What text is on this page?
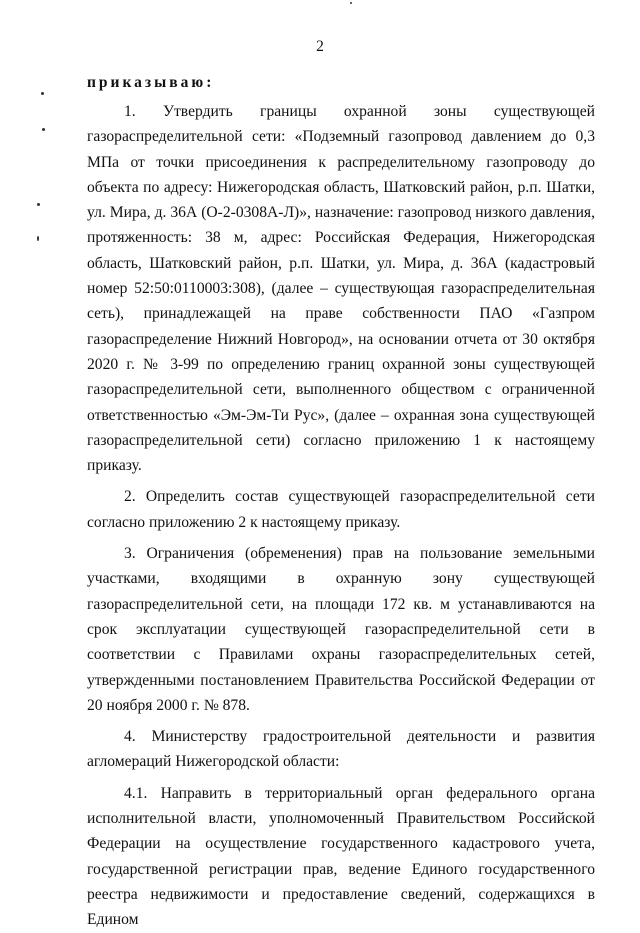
2
приказываю:

1. Утвердить границы охранной зоны существующей газораспределительной сети: «Подземный газопровод давлением до 0,3 МПа от точки присоединения к распределительному газопроводу до объекта по адресу: Нижегородская область, Шатковский район, р.п. Шатки, ул. Мира, д. 36А (О-2-0308А-Л)», назначение: газопровод низкого давления, протяженность: 38 м, адрес: Российская Федерация, Нижегородская область, Шатковский район, р.п. Шатки, ул. Мира, д. 36А (кадастровый номер 52:50:0110003:308), (далее – существующая газораспределительная сеть), принадлежащей на праве собственности ПАО «Газпром газораспределение Нижний Новгород», на основании отчета от 30 октября 2020 г. № 3-99 по определению границ охранной зоны существующей газораспределительной сети, выполненного обществом с ограниченной ответственностью «Эм-Эм-Ти Рус», (далее – охранная зона существующей газораспределительной сети) согласно приложению 1 к настоящему приказу.

2. Определить состав существующей газораспределительной сети согласно приложению 2 к настоящему приказу.

3. Ограничения (обременения) прав на пользование земельными участками, входящими в охранную зону существующей газораспределительной сети, на площади 172 кв. м устанавливаются на срок эксплуатации существующей газораспределительной сети в соответствии с Правилами охраны газораспределительных сетей, утвержденными постановлением Правительства Российской Федерации от 20 ноября 2000 г. № 878.

4. Министерству градостроительной деятельности и развития агломераций Нижегородской области:

4.1. Направить в территориальный орган федерального органа исполнительной власти, уполномоченный Правительством Российской Федерации на осуществление государственного кадастрового учета, государственной регистрации прав, ведение Единого государственного реестра недвижимости и предоставление сведений, содержащихся в Едином
